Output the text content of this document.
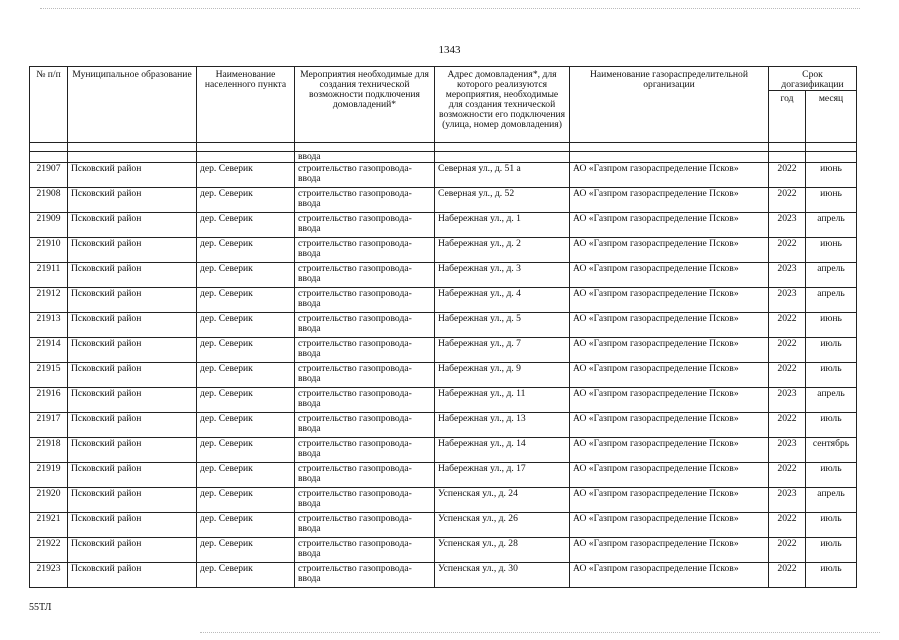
1343
№ п/п	Муниципальное образование	Наименование населенного пункта	Мероприятия необходимые для создания технической возможности подключения домовладений*	Адрес домовладения*, для которого реализуются мероприятия, необходимые для создания технической возможности его подключения (улица, номер домовладения)	Наименование газораспределительной организации	Срок догазификации	
						год	месяц

			ввода				
21907	Псковский район	дер. Северик	строительство газопровода-ввода	Северная ул., д. 51 а	АО «Газпром газораспределение Псков»	2022	июнь
21908	Псковский район	дер. Северик	строительство газопровода-ввода	Северная ул., д. 52	АО «Газпром газораспределение Псков»	2022	июнь
21909	Псковский район	дер. Северик	строительство газопровода-ввода	Набережная ул., д. 1	АО «Газпром газораспределение Псков»	2023	апрель
21910	Псковский район	дер. Северик	строительство газопровода-ввода	Набережная ул., д. 2	АО «Газпром газораспределение Псков»	2022	июнь
21911	Псковский район	дер. Северик	строительство газопровода-ввода	Набережная ул., д. 3	АО «Газпром газораспределение Псков»	2023	апрель
21912	Псковский район	дер. Северик	строительство газопровода-ввода	Набережная ул., д. 4	АО «Газпром газораспределение Псков»	2023	апрель
21913	Псковский район	дер. Северик	строительство газопровода-ввода	Набережная ул., д. 5	АО «Газпром газораспределение Псков»	2022	июнь
21914	Псковский район	дер. Северик	строительство газопровода-ввода	Набережная ул., д. 7	АО «Газпром газораспределение Псков»	2022	июль
21915	Псковский район	дер. Северик	строительство газопровода-ввода	Набережная ул., д. 9	АО «Газпром газораспределение Псков»	2022	июль
21916	Псковский район	дер. Северик	строительство газопровода-ввода	Набережная ул., д. 11	АО «Газпром газораспределение Псков»	2023	апрель
21917	Псковский район	дер. Северик	строительство газопровода-ввода	Набережная ул., д. 13	АО «Газпром газораспределение Псков»	2022	июль
21918	Псковский район	дер. Северик	строительство газопровода-ввода	Набережная ул., д. 14	АО «Газпром газораспределение Псков»	2023	сентябрь
21919	Псковский район	дер. Северик	строительство газопровода-ввода	Набережная ул., д. 17	АО «Газпром газораспределение Псков»	2022	июль
21920	Псковский район	дер. Северик	строительство газопровода-ввода	Успенская ул., д. 24	АО «Газпром газораспределение Псков»	2023	апрель
21921	Псковский район	дер. Северик	строительство газопровода-ввода	Успенская ул., д. 26	АО «Газпром газораспределение Псков»	2022	июль
21922	Псковский район	дер. Северик	строительство газопровода-ввода	Успенская ул., д. 28	АО «Газпром газораспределение Псков»	2022	июль
21923	Псковский район	дер. Северик	строительство газопровода-ввода	Успенская ул., д. 30	АО «Газпром газораспределение Псков»	2022	июль
55ТЛ
